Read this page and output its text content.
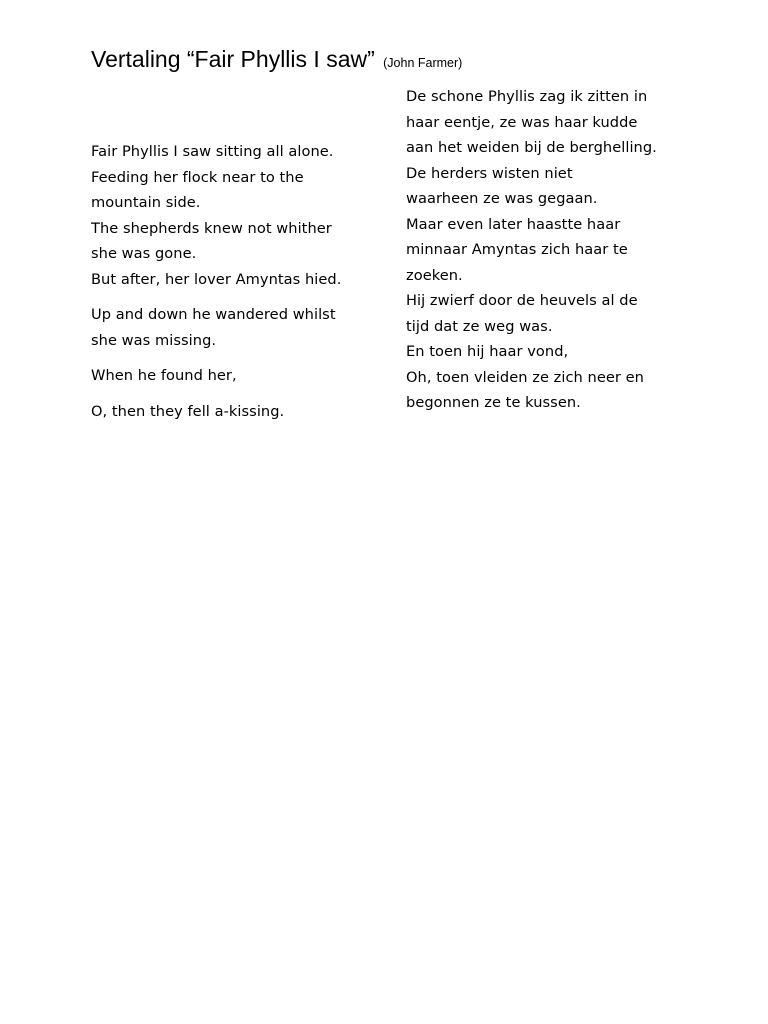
Vertaling “Fair Phyllis I saw” (John Farmer)

Fair Phyllis I saw sitting all alone.
Feeding her flock near to the
mountain side.
The shepherds knew not whither
she was gone.
But after, her lover Amyntas hied.

Up and down he wandered whilst
she was missing.

When he found her,

O, then they fell a-kissing.

De schone Phyllis zag ik zitten in
haar eentje, ze was haar kudde
aan het weiden bij de berghelling.
De herders wisten niet
waarheen ze was gegaan.
Maar even later haastte haar
minnaar Amyntas zich haar te
zoeken.
Hij zwierf door de heuvels al de
tijd dat ze weg was.
En toen hij haar vond,
Oh, toen vleiden ze zich neer en
begonnen ze te kussen.
